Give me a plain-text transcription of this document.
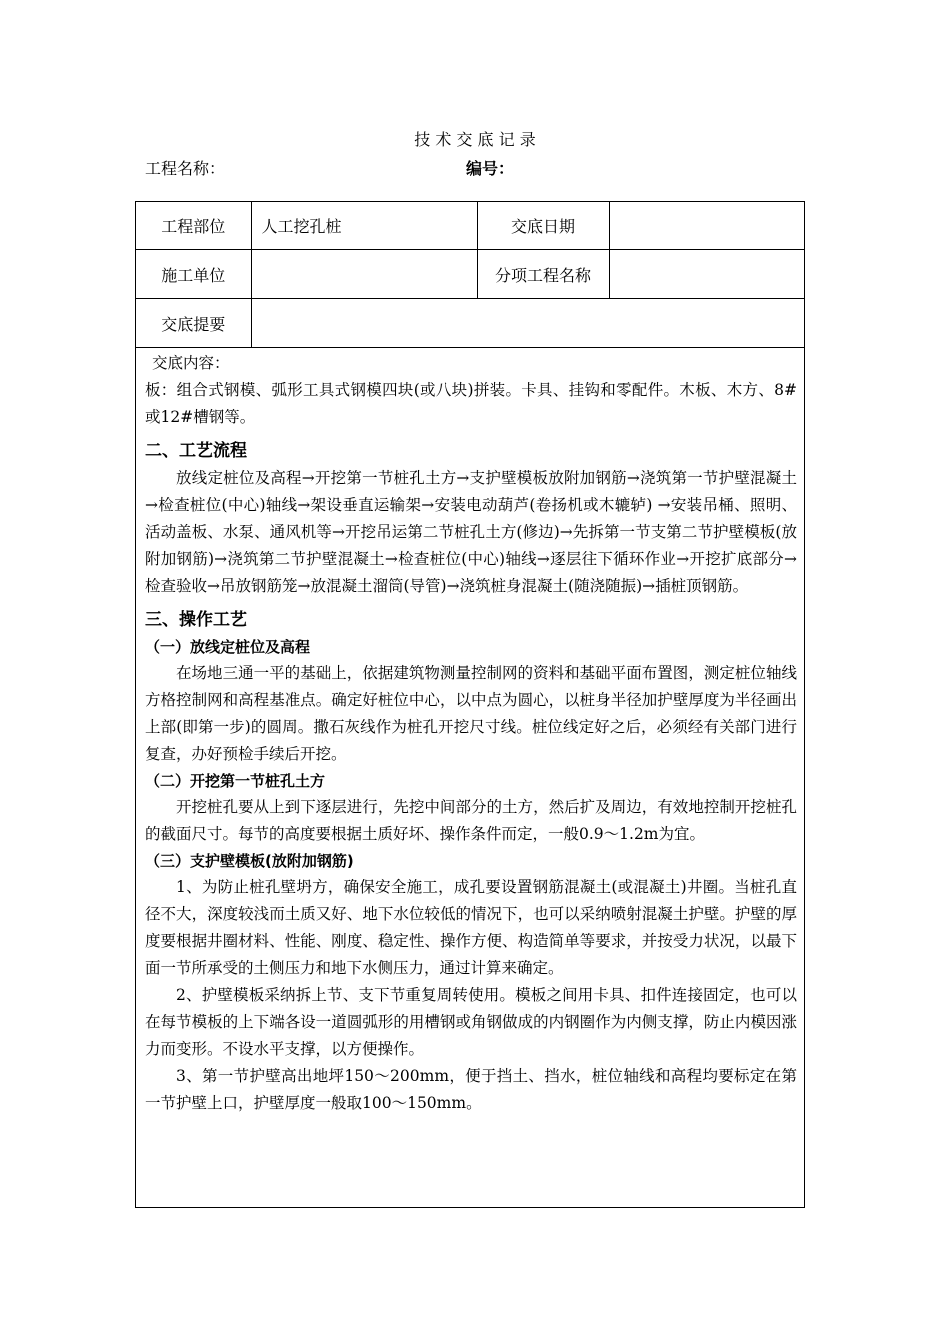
技 术 交 底 记 录
工程名称：	编号：
工程部位	人工挖孔桩	交底日期	
施工单位		分项工程名称	
交底提要			

交底内容：

板：组合式钢模、弧形工具式钢模四块(或八块)拼装。卡具、挂钩和零配件。木板、木方、8#或12#槽钢等。

二、工艺流程

放线定桩位及高程→开挖第一节桩孔土方→支护壁模板放附加钢筋→浇筑第一节护壁混凝土→检查桩位(中心)轴线→架设垂直运输架→安装电动葫芦(卷扬机或木辘轳) →安装吊桶、照明、活动盖板、水泵、通风机等→开挖吊运第二节桩孔土方(修边)→先拆第一节支第二节护壁模板(放附加钢筋)→浇筑第二节护壁混凝土→检查桩位(中心)轴线→逐层往下循环作业→开挖扩底部分→检查验收→吊放钢筋笼→放混凝土溜筒(导管)→浇筑桩身混凝土(随浇随振)→插桩顶钢筋。

三、操作工艺

（一）放线定桩位及高程

在场地三通一平的基础上，依据建筑物测量控制网的资料和基础平面布置图，测定桩位轴线方格控制网和高程基准点。确定好桩位中心，以中点为圆心，以桩身半径加护壁厚度为半径画出上部(即第一步)的圆周。撒石灰线作为桩孔开挖尺寸线。桩位线定好之后，必须经有关部门进行复查，办好预检手续后开挖。

（二）开挖第一节桩孔土方

开挖桩孔要从上到下逐层进行，先挖中间部分的土方，然后扩及周边，有效地控制开挖桩孔的截面尺寸。每节的高度要根据土质好坏、操作条件而定，一般0.9～1.2m为宜。

（三）支护壁模板(放附加钢筋)

1、为防止桩孔壁坍方，确保安全施工，成孔要设置钢筋混凝土(或混凝土)井圈。当桩孔直径不大，深度较浅而土质又好、地下水位较低的情况下，也可以采纳喷射混凝土护壁。护壁的厚度要根据井圈材料、性能、刚度、稳定性、操作方便、构造简单等要求，并按受力状况，以最下面一节所承受的土侧压力和地下水侧压力，通过计算来确定。

2、护壁模板采纳拆上节、支下节重复周转使用。模板之间用卡具、扣件连接固定，也可以在每节模板的上下端各设一道圆弧形的用槽钢或角钢做成的内钢圈作为内侧支撑，防止内模因涨力而变形。不设水平支撑，以方便操作。

3、第一节护壁高出地坪150～200mm，便于挡土、挡水，桩位轴线和高程均要标定在第一节护壁上口，护壁厚度一般取100～150mm。
